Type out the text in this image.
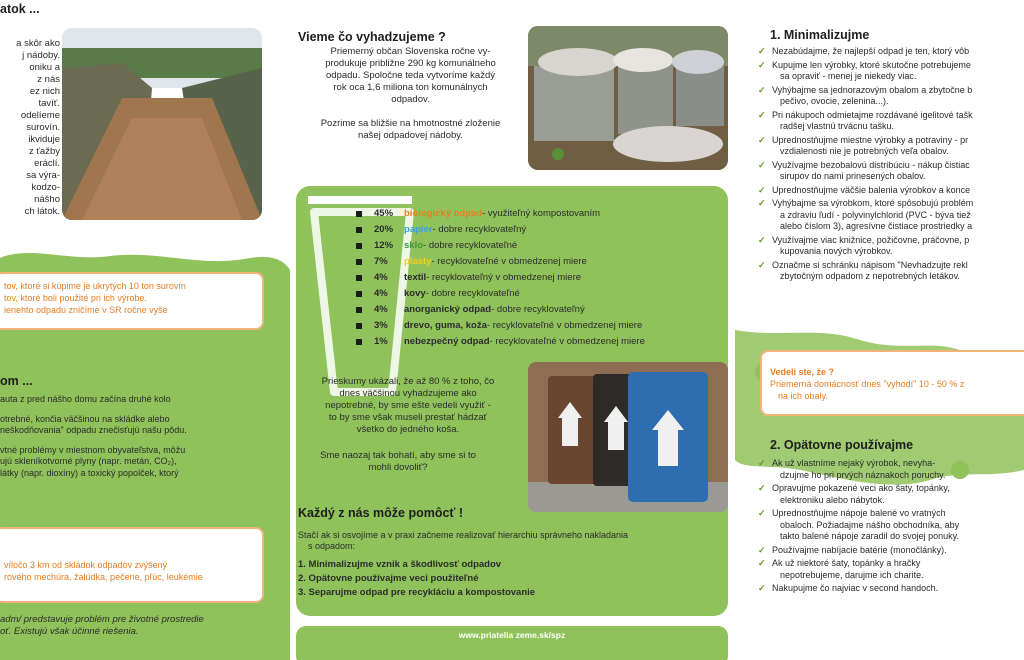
atok ...
a skôr ako
j nádoby.
oniku a
z nás
ez nich
tavíť.
odelíeme
surovín.
ikviduje
z ťažby
eráclí.
sa výra-
kodzo-
nášho
ch látok.
tov, ktoré si kúpime je ukrytých 10 ton surovín
tov, ktoré boli použité pri ich výrobe.
ienehto odpadu zničíme v SR ročne vyše
om ...
auta z pred nášho domu začína druhé kolo
otrebné, končia väčšinou na skládke alebo
neškodňovania" odpadu znečisťujú našu pôdu.
vtné problémy v miestnom obyvateľstva, môžu
ujú skleníkotvorné plyny (napr. metán, CO₂),
látky (napr. dioxíny) a toxický popolček, ktorý
víločo 3 km od skládok odpadov zvýšený
rového mechúra, žalúdka, pečene, pľúc, leukémie
adm/ predstavuje problém pre životné prostredie
oť. Existujú však účinné riešenia.
Vieme čo vyhadzujeme ?
Priemerný občan Slovenska ročne vy-
produkuje približne 290 kg komunálneho
odpadu. Spoločne teda vytvoríme každý
rok oca 1,6 miliona ton komunálnych
odpadov.
Pozrime sa bližšie na hmotnostné zloženie
našej odpadovej nádoby.
45%	biologický odpad - využiteľný kompostovaním
20%	papier - dobre recyklovateľný
12%	sklo - dobre recyklovateľné
7%	plasty - recyklovateľné v obmedzenej miere
4%	textil - recyklovateľný v obmedzenej miere
4%	kovy - dobre recyklovateľné
4%	anorganický odpad - dobre recyklovateľný
3%	drevo, guma, koža - recyklovateľné v obmedzenej miere
1%	nebezpečný odpad - recyklovateľné v obmedzenej miere
Prieskumy ukázali, že až 80 % z toho, čo
dnes väčšinou vyhadzujeme ako
nepotrebné, by sme ešte vedeli využiť -
to by sme však museli prestať hádzať
všetko do jedného koša.
Sme naozaj tak bohatí, aby sme si to
mohli dovoliť?
Každý z nás môže pomôcť !
Stačí ak si osvojíme a v praxi začneme realizovať hierarchiu správneho nakladania
s odpadom:
1. Minimalizujme vznik a škodlivosť odpadov
2. Opätovne používajme veci použiteľné
3. Separujme odpad pre recykláciu a kompostovanie
www.priatelia zeme.sk/spz
1. Minimalizujme
✓ Nezabúdajme, že najlepší odpad je ten, ktorý vôb
✓ Kupujme len výrobky, ktoré skutočne potrebujeme
sa opraviť - menej je niekedy viac.
✓ Vyhýbajme sa jednorazovým obalom a zbytočne b
pečivo, ovocie, zelenina...).
✓ Pri nákupoch odmietajme rozdávané igelitové tašk
radšej vlastnú trvácnu tašku.
✓ Uprednostňujme miestne výrobky a potraviny - pr
vzdialenosti nie je potrebných veľa obalov.
✓ Využívajme bezobalovú distribúciu - nákup čistiac
sirupov do nami prinesených obalov.
✓ Uprednostňujme väčšie balenia výrobkov a konce
✓ Vyhýbajme sa výrobkom, ktoré spôsobujú problém
a zdraviu ľudí - polyvinylchlorid (PVC - býva tiež
alebo číslom 3), agresívne čistiace prostriedky a
✓ Využívajme viac knižnice, požičovne, práčovne, p
kupovania nových výrobkov.
✓ Označme si schránku nápisom "Nevhadzujte rekl
zbytočným odpadom z nepotrebných letákov.
Vedeli ste, že ?
Priemerná domácnosť dnes "vyhodí" 10 - 50 % z
na ich obaly.
2. Opätovne používajme
✓ Ak už vlastníme nejaký výrobok, nevyha-
dzujme ho pri prvých náznakoch poruchy.
✓ Opravujme pokazené veci ako šaty, topánky,
elektroniku alebo nábytok.
✓ Uprednostňujme nápoje balené vo vratných
obaloch. Požiadajme nášho obchodníka, aby
takto balené nápoje zaradil do svojej ponuky.
✓ Používajme nabíjacie batérie (monočlánky).
✓ Ak už niektoré šaty, topánky a hračky
nepotrebujeme, darujme ich charite.
✓ Nakupujme čo najviac v second handoch.
